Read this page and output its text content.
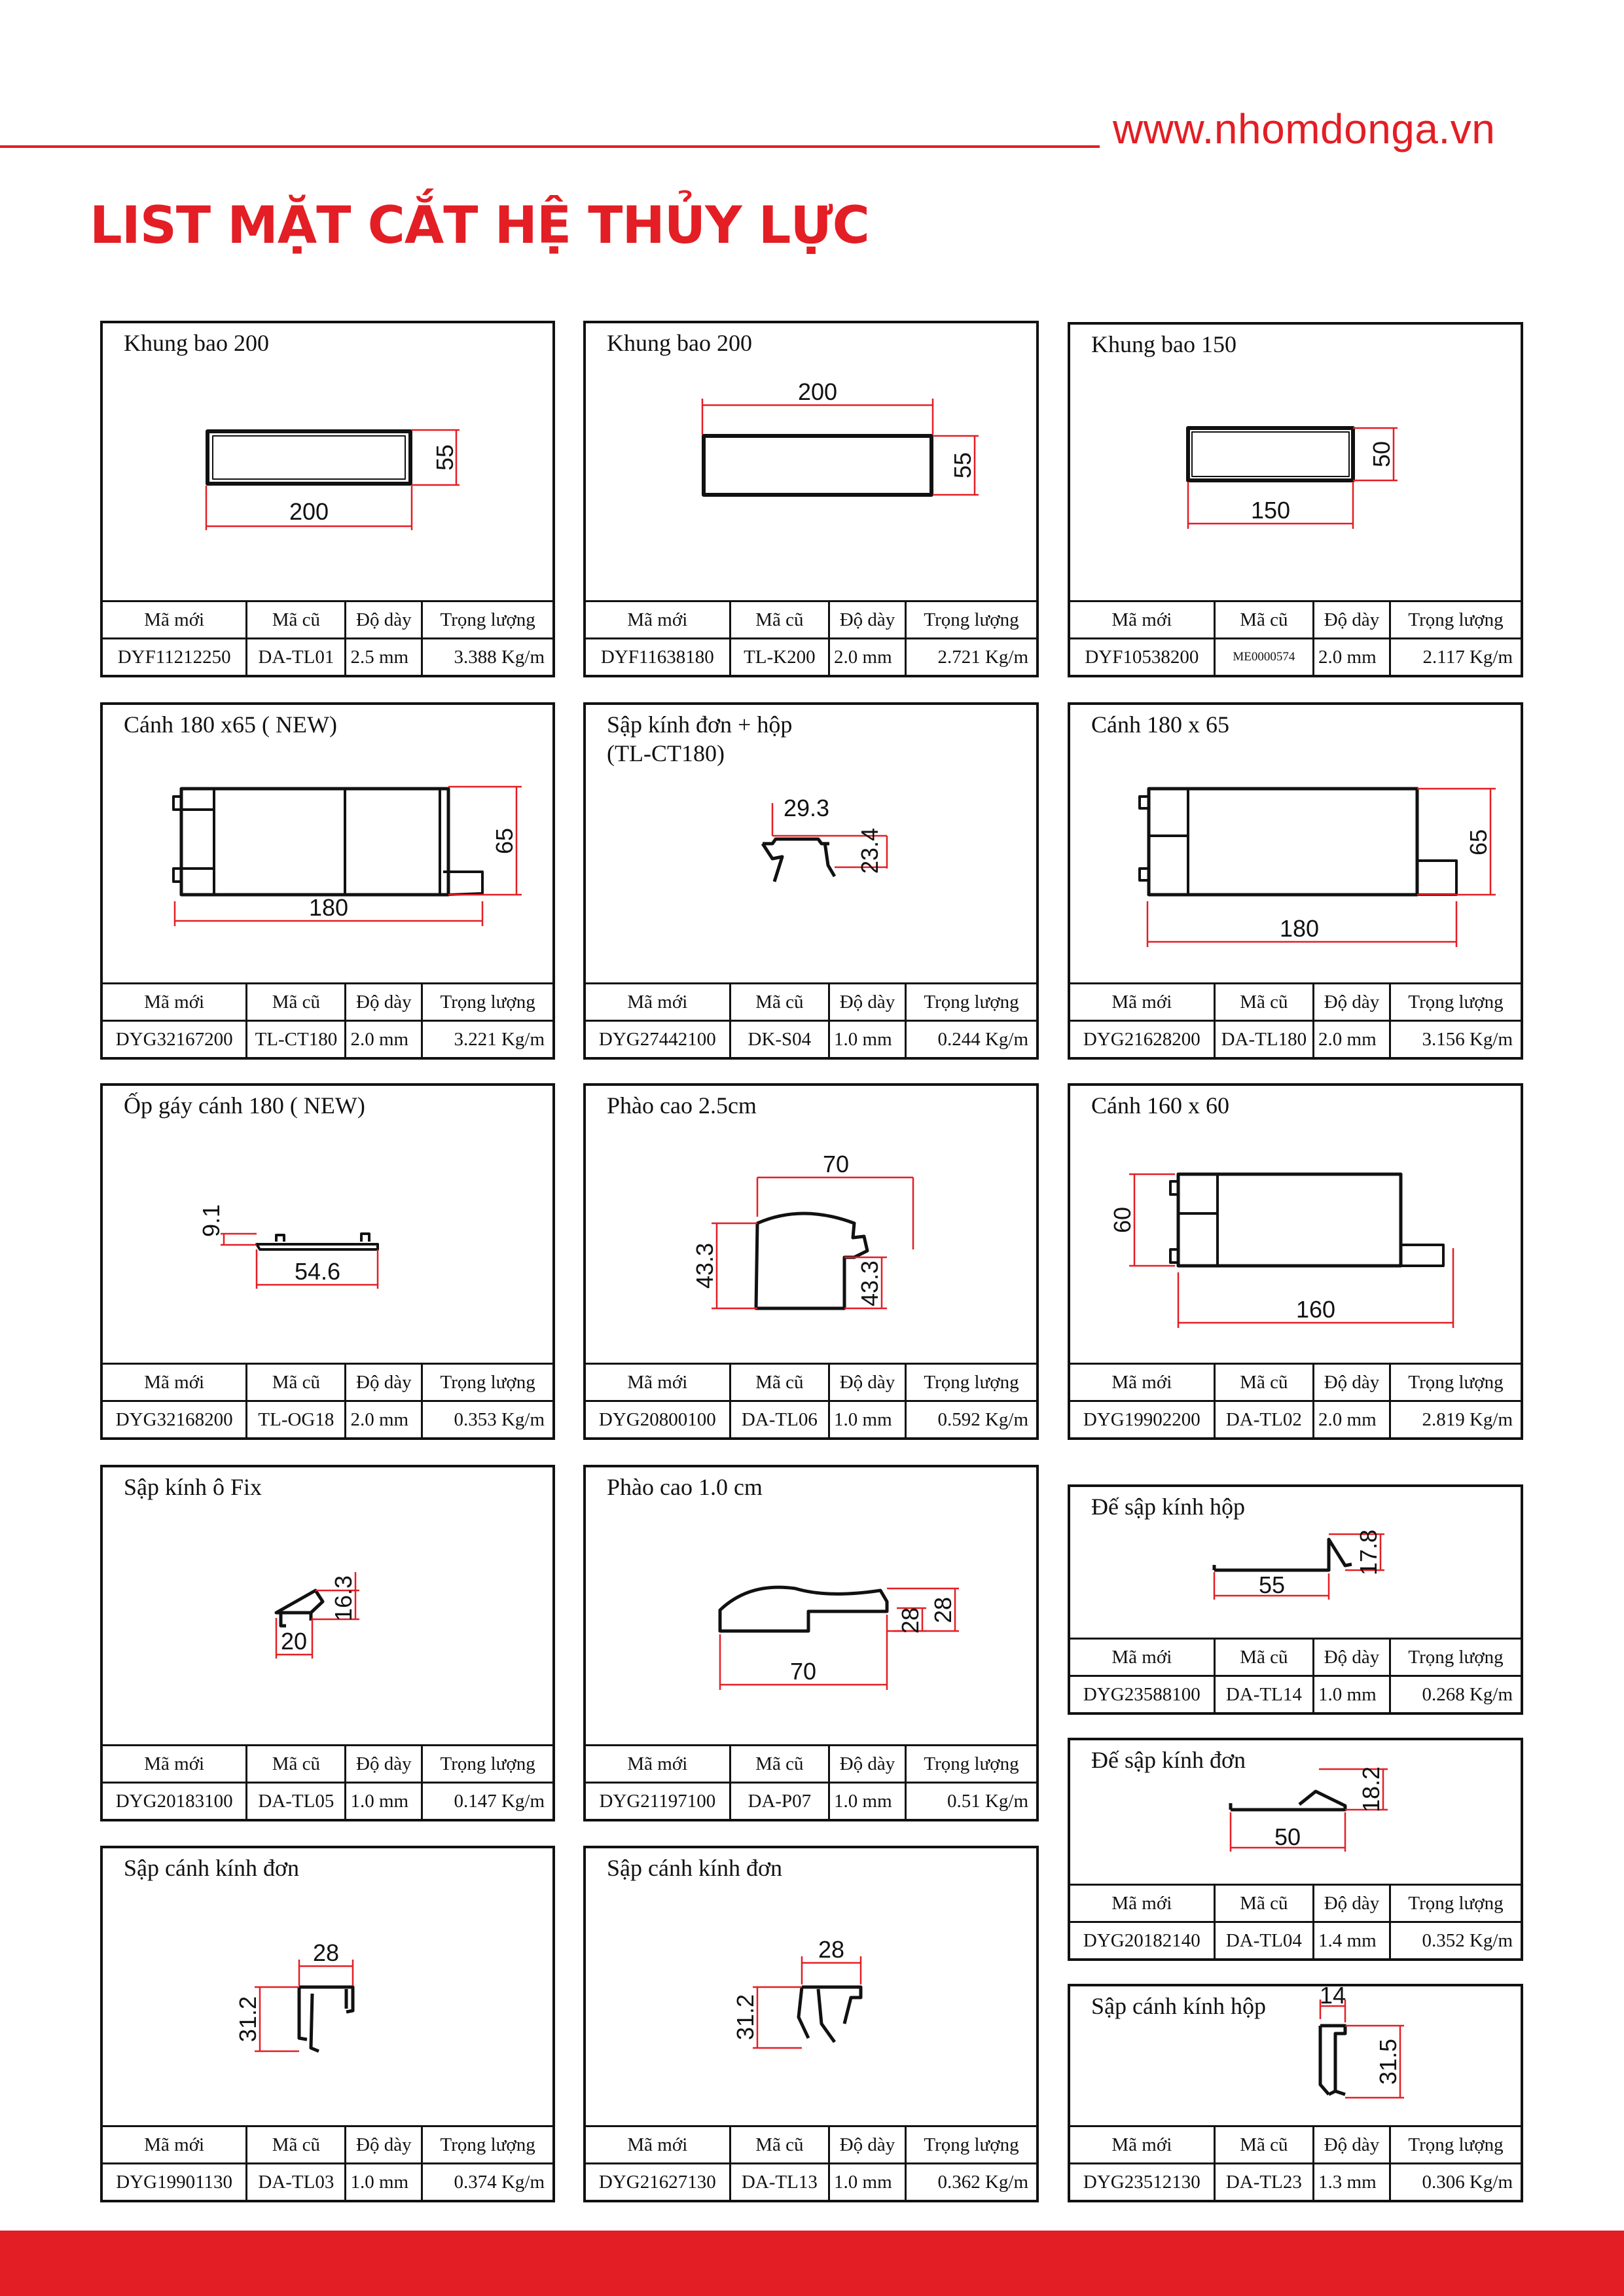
www.nhomdonga.vn
LIST MẶT CẮT HỆ THỦY LỰC
Khung bao 200
200
55
Mã mới	Mã cũ	Độ dày	Trọng lượng
DYF11212250	DA-TL01	2.5 mm	3.388 Kg/m
Khung bao 200
200
55
Mã mới	Mã cũ	Độ dày	Trọng lượng
DYF11638180	TL-K200	2.0 mm	2.721 Kg/m
Khung bao 150
150
50
Mã mới	Mã cũ	Độ dày	Trọng lượng
DYF10538200	ME0000574	2.0 mm	2.117 Kg/m
Cánh 180 x65 ( NEW)
180
65
Mã mới	Mã cũ	Độ dày	Trọng lượng
DYG32167200	TL-CT180	2.0 mm	3.221 Kg/m
Sập kính đơn + hộp
(TL-CT180)
29.3
23.4
Mã mới	Mã cũ	Độ dày	Trọng lượng
DYG27442100	DK-S04	1.0 mm	0.244 Kg/m
Cánh 180 x 65
180
65
Mã mới	Mã cũ	Độ dày	Trọng lượng
DYG21628200	DA-TL180	2.0 mm	3.156 Kg/m
Ốp gáy cánh 180 ( NEW)
9.1
54.6
Mã mới	Mã cũ	Độ dày	Trọng lượng
DYG32168200	TL-OG18	2.0 mm	0.353 Kg/m
Phào cao 2.5cm
70
43.3	43.3
Mã mới	Mã cũ	Độ dày	Trọng lượng
DYG20800100	DA-TL06	1.0 mm	0.592 Kg/m
Cánh 160 x 60
60
160
Mã mới	Mã cũ	Độ dày	Trọng lượng
DYG19902200	DA-TL02	2.0 mm	2.819 Kg/m
Sập kính ô Fix
20
16.3
Mã mới	Mã cũ	Độ dày	Trọng lượng
DYG20183100	DA-TL05	1.0 mm	0.147 Kg/m
Phào cao 1.0 cm
70
28
28
Mã mới	Mã cũ	Độ dày	Trọng lượng
DYG21197100	DA-P07	1.0 mm	0.51 Kg/m
Đế sập kính hộp
55
17.8
Mã mới	Mã cũ	Độ dày	Trọng lượng
DYG23588100	DA-TL14	1.0 mm	0.268 Kg/m
Đế sập kính đơn
50
18.2
Mã mới	Mã cũ	Độ dày	Trọng lượng
DYG20182140	DA-TL04	1.4 mm	0.352 Kg/m
Sập cánh kính đơn
28
31.2
Mã mới	Mã cũ	Độ dày	Trọng lượng
DYG19901130	DA-TL03	1.0 mm	0.374 Kg/m
Sập cánh kính đơn
28
31.2
Mã mới	Mã cũ	Độ dày	Trọng lượng
DYG21627130	DA-TL13	1.0 mm	0.362 Kg/m
Sập cánh kính hộp 14
31.5
Mã mới	Mã cũ	Độ dày	Trọng lượng
DYG23512130	DA-TL23	1.3 mm	0.306 Kg/m
